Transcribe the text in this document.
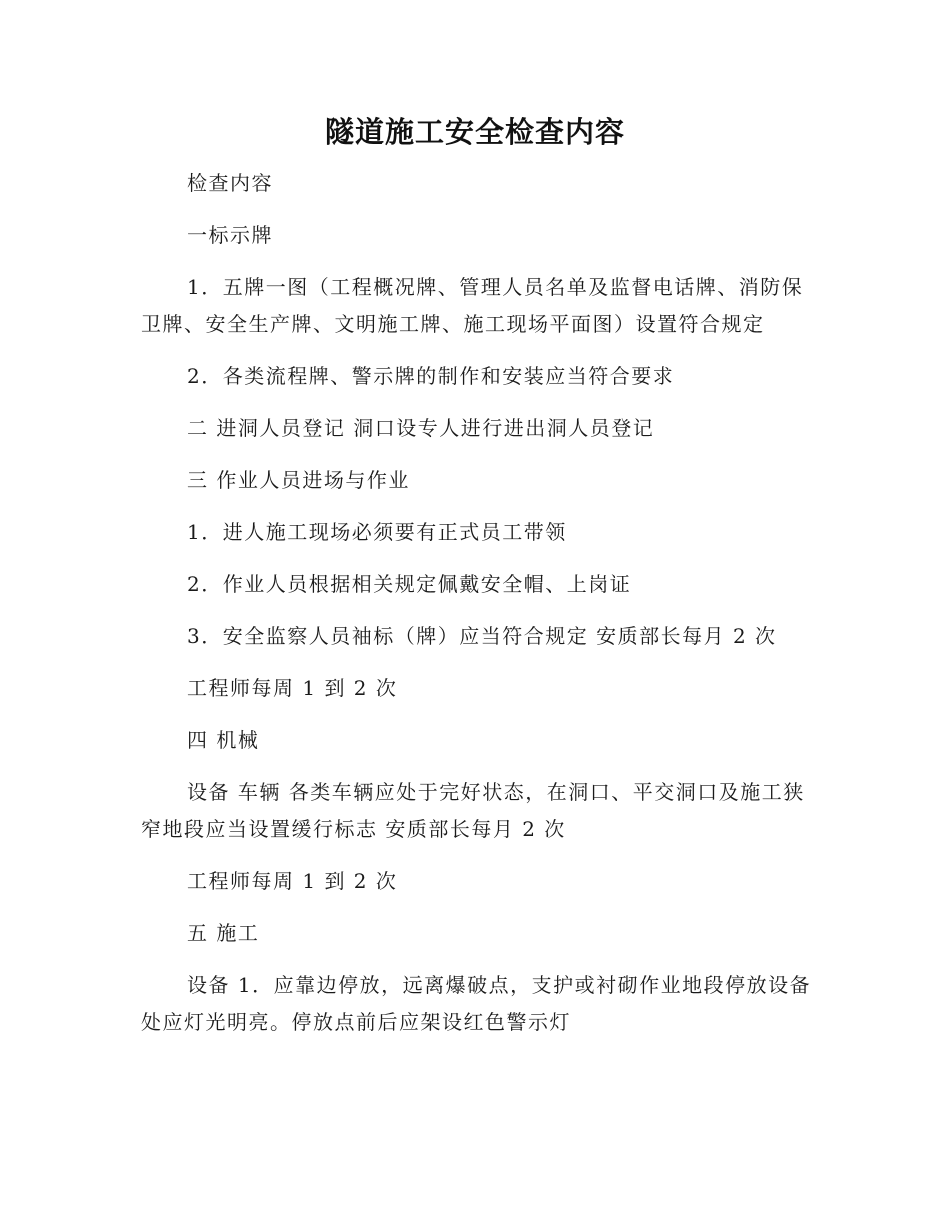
隧道施工安全检查内容

检查内容

一标示牌

1．五牌一图（工程概况牌、管理人员名单及监督电话牌、消防保卫牌、安全生产牌、文明施工牌、施工现场平面图）设置符合规定

2．各类流程牌、警示牌的制作和安装应当符合要求

二 进洞人员登记 洞口设专人进行进出洞人员登记

三 作业人员进场与作业

1．进人施工现场必须要有正式员工带领

2．作业人员根据相关规定佩戴安全帽、上岗证

3．安全监察人员袖标（牌）应当符合规定 安质部长每月 2 次

工程师每周 1 到 2 次

四 机械

设备 车辆 各类车辆应处于完好状态，在洞口、平交洞口及施工狭窄地段应当设置缓行标志 安质部长每月 2 次

工程师每周 1 到 2 次

五 施工

设备 1．应靠边停放，远离爆破点，支护或衬砌作业地段停放设备处应灯光明亮。停放点前后应架设红色警示灯
